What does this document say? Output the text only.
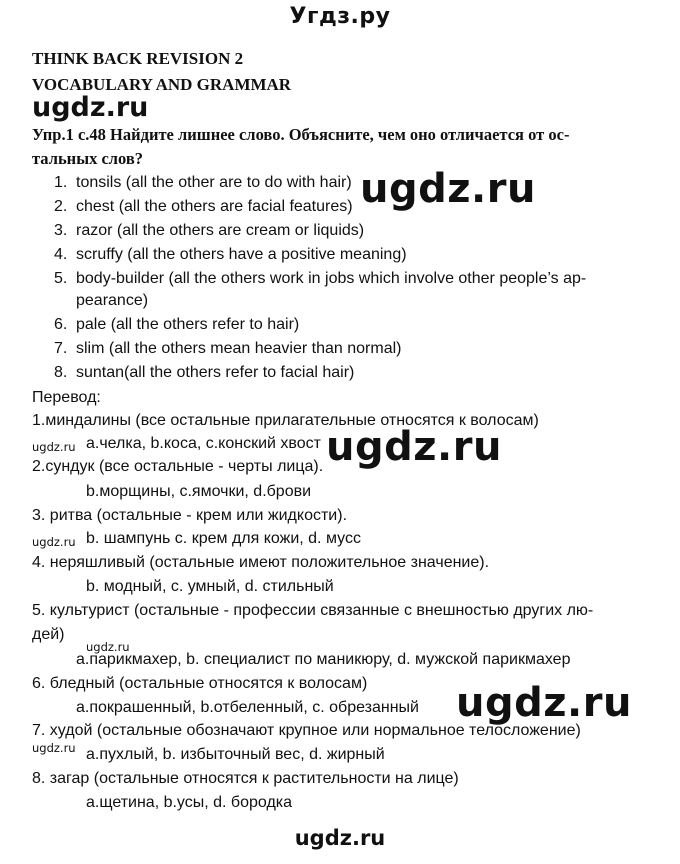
Угдз.ру
THINK BACK REVISION 2
VOCABULARY AND GRAMMAR
ugdz.ru
Упр.1 с.48 Найдите лишнее слово. Объясните, чем оно отличается от ос-
тальных слов?
1. tonsils (all the other are to do with hair)
2. chest (all the others are facial features)
3. razor (all the others are cream or liquids)
4. scruffy (all the others have a positive meaning)
5. body-builder (all the others work in jobs which involve other people’s ap-
pearance)
6. pale (all the others refer to hair)
7. slim (all the others mean heavier than normal)
8. suntan(all the others refer to facial hair)
ugdz.ru
Перевод:
1.миндалины (все остальные прилагательные относятся к волосам)
ugdz.ru a.челка, b.коса, c.конский хвост
2.сундук (все остальные - черты лица).
b.морщины, c.ямочки, d.брови
3. ритва (остальные - крем или жидкости).
ugdz.ru b. шампунь c. крем для кожи, d. мусс
4. неряшливый (остальные имеют положительное значение).
b. модный, c. умный, d. стильный
5. культурист (остальные - профессии связанные с внешностью других лю-
дей)
ugdz.ru
a.парикмахер, b. специалист по маникюру, d. мужской парикмахер
6. бледный (остальные относятся к волосам)
a.покрашенный, b.отбеленный, c. обрезанный
7. худой (остальные обозначают крупное или нормальное телосложение)
ugdz.ru a.пухлый, b. избыточный вес, d. жирный
8. загар (остальные относятся к растительности на лице)
a.щетина, b.усы, d. бородка
ugdz.ru
ugdz.ru
ugdz.ru
